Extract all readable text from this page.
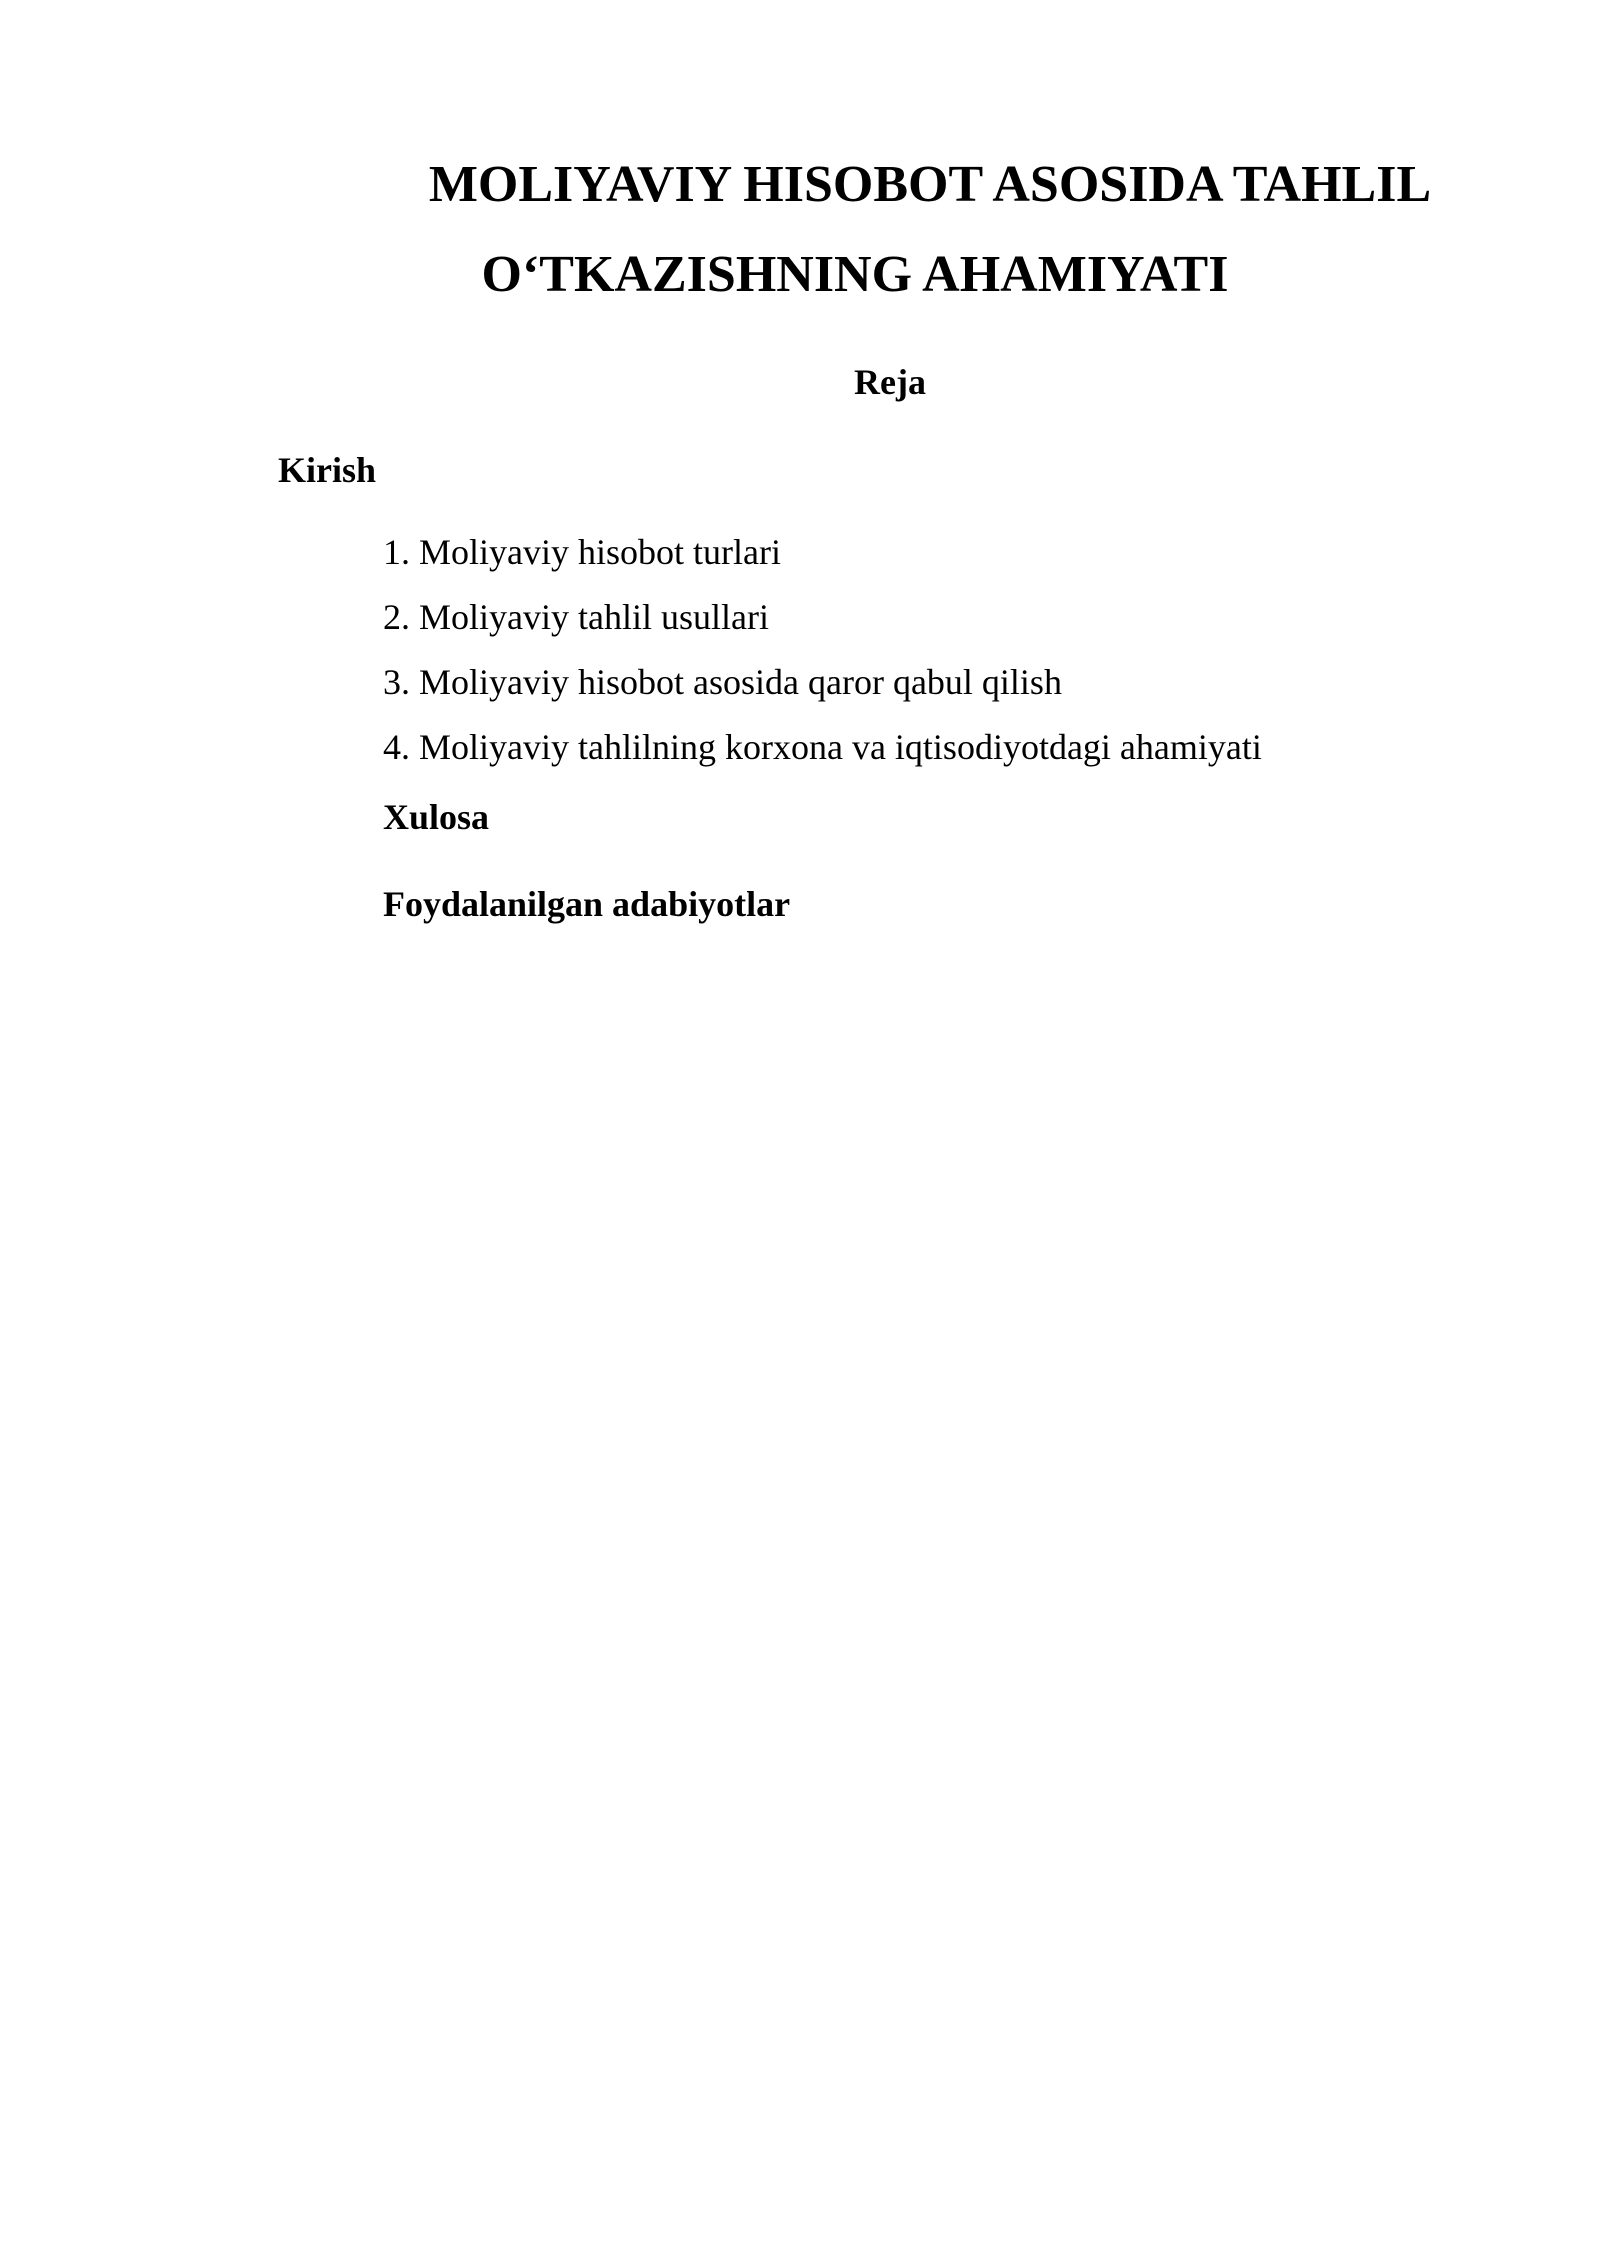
MOLIYAVIY HISOBOT ASOSIDA TAHLIL
O‘TKAZISHNING AHAMIYATI
Reja
Kirish
1. Moliyaviy hisobot turlari
2. Moliyaviy tahlil usullari
3. Moliyaviy hisobot asosida qaror qabul qilish
4. Moliyaviy tahlilning korxona va iqtisodiyotdagi ahamiyati
Xulosa
Foydalanilgan adabiyotlar
